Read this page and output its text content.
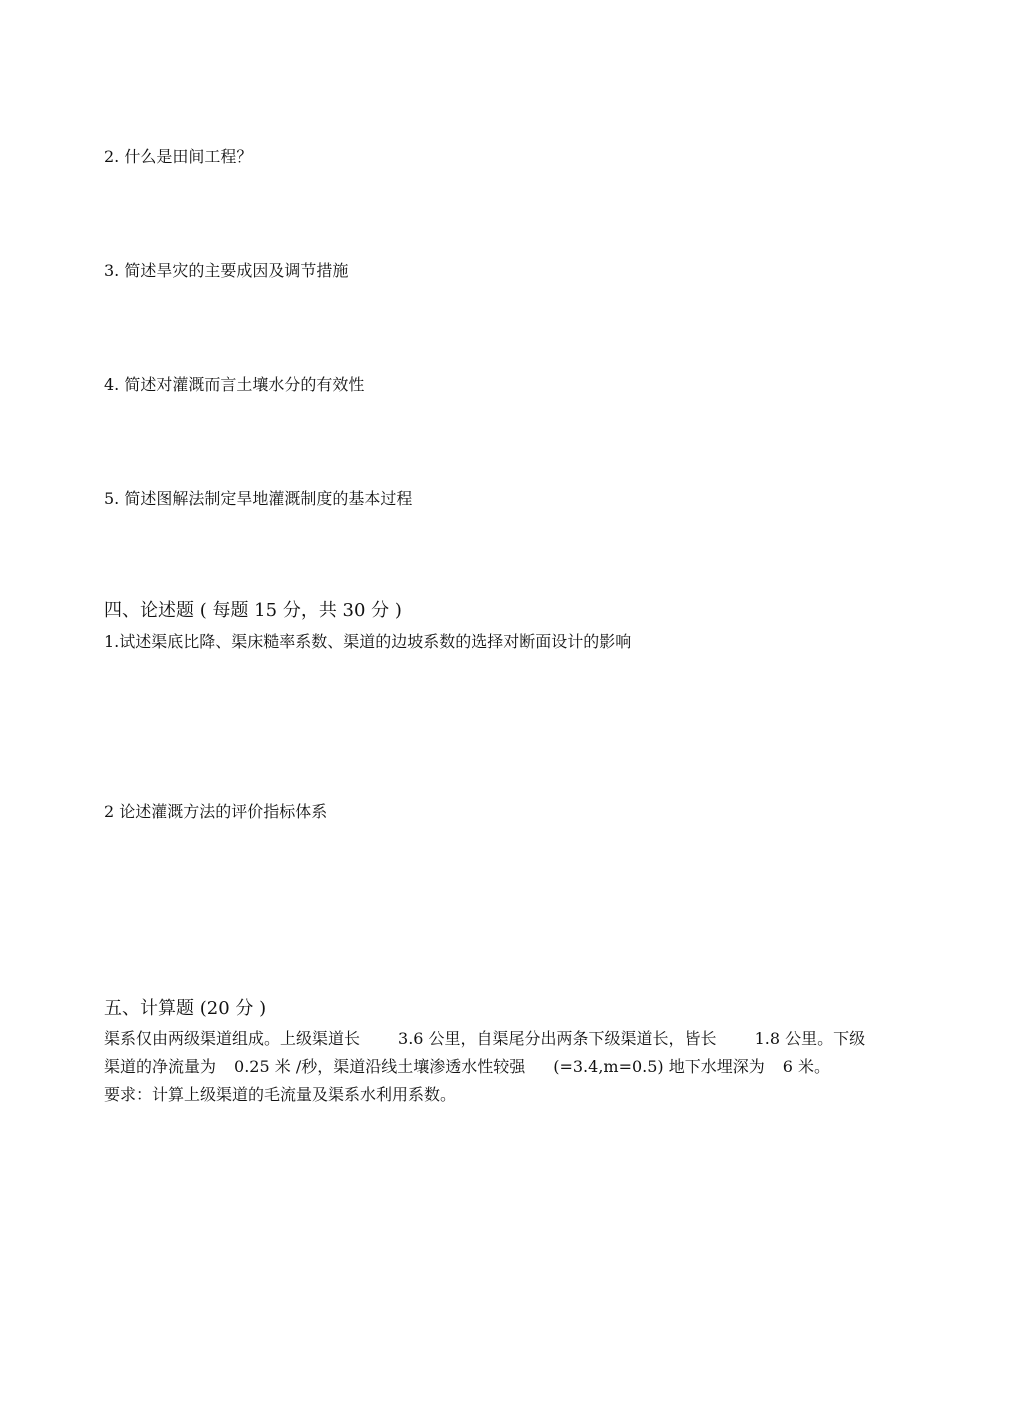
2. 什么是田间工程？
3. 简述旱灾的主要成因及调节措施
4. 简述对灌溉而言土壤水分的有效性
5. 简述图解法制定旱地灌溉制度的基本过程
四、论述题 ( 每题 15 分，共 30 分 )
1.试述渠底比降、渠床糙率系数、渠道的边坡系数的选择对断面设计的影响
2 论述灌溉方法的评价指标体系
五、计算题 (20 分 )
渠系仅由两级渠道组成。上级渠道长 3.6 公里，自渠尾分出两条下级渠道长，皆长 1.8 公里。下级
渠道的净流量为 0.25 米 /秒，渠道沿线土壤渗透水性较强 (=3.4,m=0.5) 地下水埋深为 6 米。
要求：计算上级渠道的毛流量及渠系水利用系数。
